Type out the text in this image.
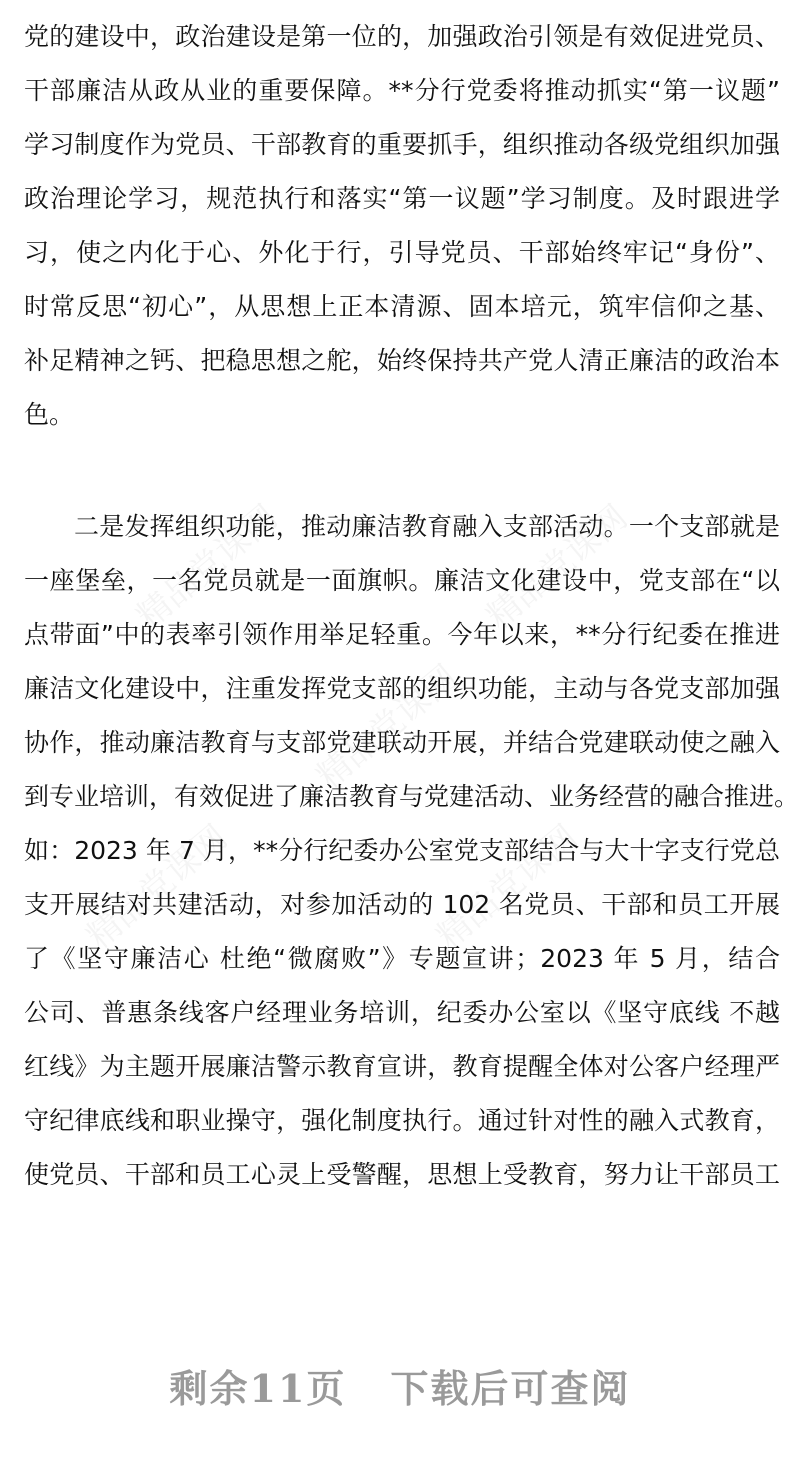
精品党课网	精品党课网
精品党课网
精品党课网	精品党课网

党的建设中，政治建设是第一位的，加强政治引领是有效促进党员、

干部廉洁从政从业的重要保障。**分行党委将推动抓实“第一议题”

学习制度作为党员、干部教育的重要抓手，组织推动各级党组织加强

政治理论学习，规范执行和落实“第一议题”学习制度。及时跟进学

习，使之内化于心、外化于行，引导党员、干部始终牢记“身份”、

时常反思“初心”，从思想上正本清源、固本培元，筑牢信仰之基、

补足精神之钙、把稳思想之舵，始终保持共产党人清正廉洁的政治本

色。

二是发挥组织功能，推动廉洁教育融入支部活动。一个支部就是

一座堡垒，一名党员就是一面旗帜。廉洁文化建设中，党支部在“以

点带面”中的表率引领作用举足轻重。今年以来，**分行纪委在推进

廉洁文化建设中，注重发挥党支部的组织功能，主动与各党支部加强

协作，推动廉洁教育与支部党建联动开展，并结合党建联动使之融入

到专业培训，有效促进了廉洁教育与党建活动、业务经营的融合推进。

如：2023 年 7 月，**分行纪委办公室党支部结合与大十字支行党总

支开展结对共建活动，对参加活动的 102 名党员、干部和员工开展

了《坚守廉洁心 杜绝“微腐败”》专题宣讲；2023 年 5 月，结合

公司、普惠条线客户经理业务培训，纪委办公室以《坚守底线 不越

红线》为主题开展廉洁警示教育宣讲，教育提醒全体对公客户经理严

守纪律底线和职业操守，强化制度执行。通过针对性的融入式教育，

使党员、干部和员工心灵上受警醒，思想上受教育，努力让干部员工

剩余11页 下载后可查阅
